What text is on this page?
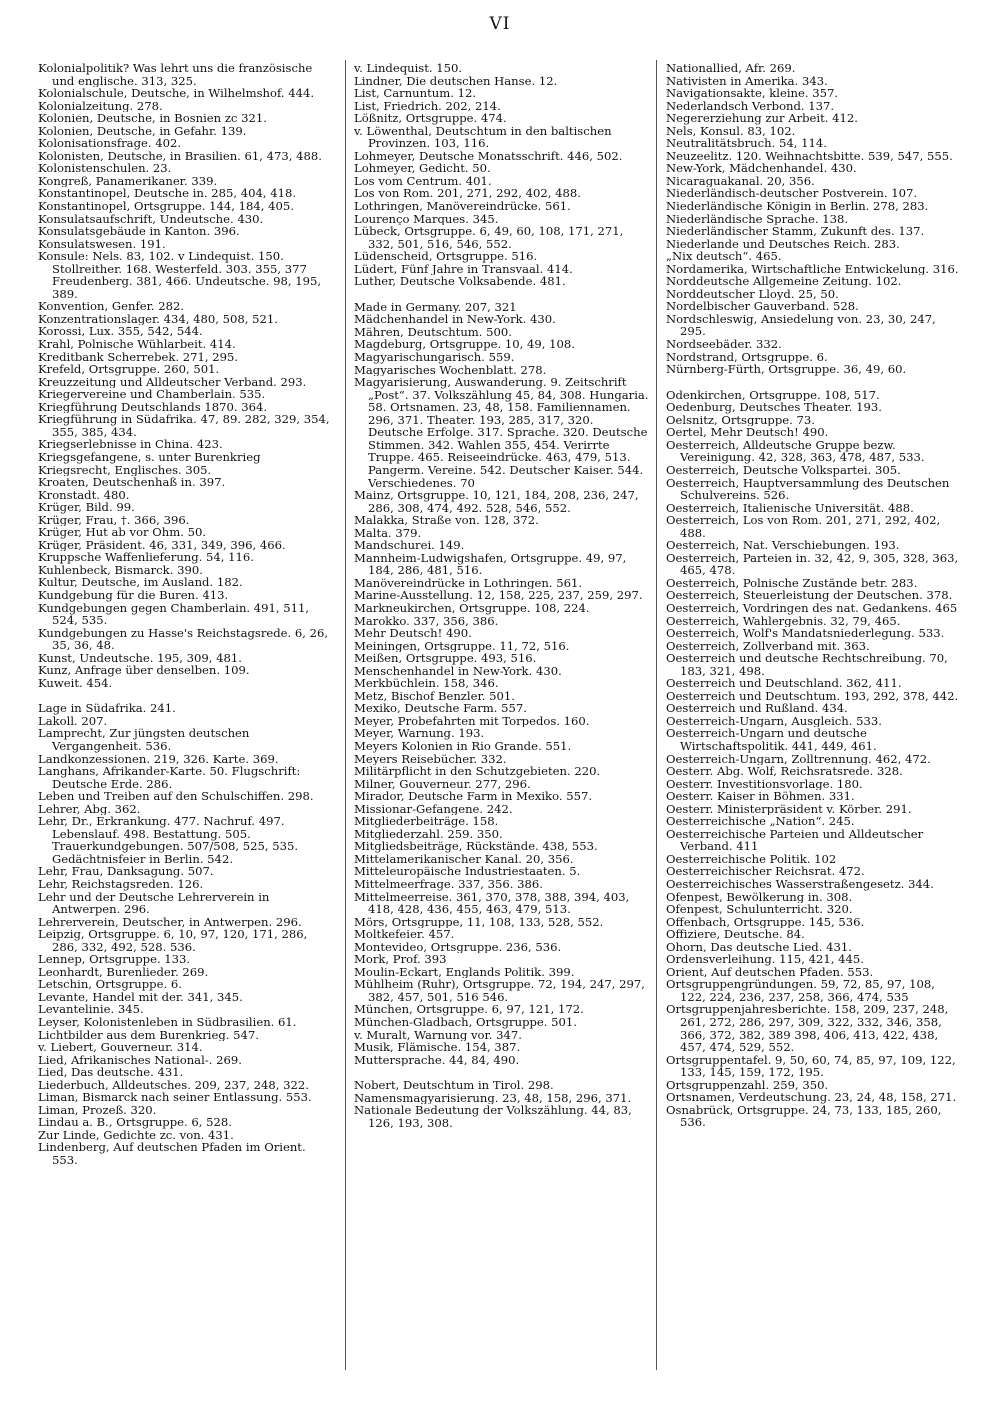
VI
Kolonialpolitik? Was lehrt uns die französische und englische. 313, 325.
Kolonialschule, Deutsche, in Wilhelmshof. 444.
Kolonialzeitung. 278.
Kolonien, Deutsche, in Bosnien zc 321.
Kolonien, Deutsche, in Gefahr. 139.
Kolonisationsfrage. 402.
Kolonisten, Deutsche, in Brasilien. 61, 473, 488.
Kolonistenschulen. 23.
Kongreß, Panamerikaner. 339.
Konstantinopel, Deutsche in. 285, 404, 418.
Konstantinopel, Ortsgruppe. 144, 184, 405.
Konsulatsaufschrift, Undeutsche. 430.
Konsulatsgebäude in Kanton. 396.
Konsulatswesen. 191.
Konsule: Nels. 83, 102. v Lindequist. 150. Stollreither. 168. Westerfeld. 303. 355, 377 Freudenberg. 381, 466. Undeutsche. 98, 195, 389.
Konvention, Genfer. 282.
Konzentrationslager. 434, 480, 508, 521.
Korossi, Lux. 355, 542, 544.
Krahl, Polnische Wühlarbeit. 414.
Kreditbank Scherrebek. 271, 295.
Krefeld, Ortsgruppe. 260, 501.
Kreuzzeitung und Alldeutscher Verband. 293.
Kriegervereine und Chamberlain. 535.
Kriegführung Deutschlands 1870. 364.
Kriegführung in Südafrika. 47, 89. 282, 329, 354, 355, 385, 434.
Kriegserlebnisse in China. 423.
Kriegsgefangene, s. unter Burenkrieg
Kriegsrecht, Englisches. 305.
Kroaten, Deutschenhaß in. 397.
Kronstadt. 480.
Krüger, Bild. 99.
Krüger, Frau, †. 366, 396.
Krüger, Hut ab vor Ohm. 50.
Krüger, Präsident. 46, 331, 349, 396, 466.
Kruppsche Waffenlieferung. 54, 116.
Kuhlenbeck, Bismarck. 390.
Kultur, Deutsche, im Ausland. 182.
Kundgebung für die Buren. 413.
Kundgebungen gegen Chamberlain. 491, 511, 524, 535.
Kundgebungen zu Hasse's Reichstagsrede. 6, 26, 35, 36, 48.
Kunst, Undeutsche. 195, 309, 481.
Kunz, Anfrage über denselben. 109.
Kuweit. 454.
Lage in Südafrika. 241.
Lakoll. 207.
Lamprecht, Zur jüngsten deutschen Vergangenheit. 536.
Landkonzessionen. 219, 326. Karte. 369.
Langhans, Afrikander-Karte. 50. Flugschrift: Deutsche Erde. 286.
Leben und Treiben auf den Schulschiffen. 298.
Lehrer, Abg. 362.
Lehr, Dr., Erkrankung. 477. Nachruf. 497. Lebenslauf. 498. Bestattung. 505. Trauerkundgebungen. 507/508, 525, 535. Gedächtnisfeier in Berlin. 542.
Lehr, Frau, Danksagung. 507.
Lehr, Reichstagsreden. 126.
Lehr und der Deutsche Lehrerverein in Antwerpen. 296.
Lehrerverein, Deutscher, in Antwerpen. 296.
Leipzig, Ortsgruppe. 6, 10, 97, 120, 171, 286, 286, 332, 492, 528. 536.
Lennep, Ortsgruppe. 133.
Leonhardt, Burenlieder. 269.
Letschin, Ortsgruppe. 6.
Levante, Handel mit der. 341, 345.
Levantelinie. 345.
Leyser, Kolonistenleben in Südbrasilien. 61.
Lichtbilder aus dem Burenkrieg. 547.
v. Liebert, Gouverneur. 314.
Lied, Afrikanisches National-. 269.
Lied, Das deutsche. 431.
Liederbuch, Alldeutsches. 209, 237, 248, 322.
Liman, Bismarck nach seiner Entlassung. 553.
Liman, Prozeß. 320.
Lindau a. B., Ortsgruppe. 6, 528.
Zur Linde, Gedichte zc. von. 431.
Lindenberg, Auf deutschen Pfaden im Orient. 553.
v. Lindequist. 150.
Lindner, Die deutschen Hanse. 12.
List, Carnuntum. 12.
List, Friedrich. 202, 214.
Lößnitz, Ortsgruppe. 474.
v. Löwenthal, Deutschtum in den baltischen Provinzen. 103, 116.
Lohmeyer, Deutsche Monatsschrift. 446, 502.
Lohmeyer, Gedicht. 50.
Los vom Centrum. 401.
Los von Rom. 201, 271, 292, 402, 488.
Lothringen, Manövereindrücke. 561.
Lourenço Marques. 345.
Lübeck, Ortsgruppe. 6, 49, 60, 108, 171, 271, 332, 501, 516, 546, 552.
Lüdenscheid, Ortsgruppe. 516.
Lüdert, Fünf Jahre in Transvaal. 414.
Luther, Deutsche Volksabende. 481.
Made in Germany. 207, 321
Mädchenhandel in New-York. 430.
Mähren, Deutschtum. 500.
Magdeburg, Ortsgruppe. 10, 49, 108.
Magyarischungarisch. 559.
Magyarisches Wochenblatt. 278.
Magyarisierung, Auswanderung. 9. Zeitschrift „Post“. 37. Volkszählung 45, 84, 308. Hungaria. 58. Ortsnamen. 23, 48, 158. Familiennamen. 296, 371. Theater. 193, 285, 317, 320. Deutsche Erfolge. 317. Sprache. 320. Deutsche Stimmen. 342. Wahlen 355, 454. Verirrte Truppe. 465. Reiseeindrücke. 463, 479, 513. Pangerm. Vereine. 542. Deutscher Kaiser. 544. Verschiedenes. 70
Mainz, Ortsgruppe. 10, 121, 184, 208, 236, 247, 286, 308, 474, 492. 528, 546, 552.
Malakka, Straße von. 128, 372.
Malta. 379.
Mandschurei. 149.
Mannheim-Ludwigshafen, Ortsgruppe. 49, 97, 184, 286, 481, 516.
Manövereindrücke in Lothringen. 561.
Marine-Ausstellung. 12, 158, 225, 237, 259, 297.
Markneukirchen, Ortsgruppe. 108, 224.
Marokko. 337, 356, 386.
Mehr Deutsch! 490.
Meiningen, Ortsgruppe. 11, 72, 516.
Meißen, Ortsgruppe. 493, 516.
Menschenhandel in New-York. 430.
Merkbüchlein. 158, 346.
Metz, Bischof Benzler. 501.
Mexiko, Deutsche Farm. 557.
Meyer, Probefahrten mit Torpedos. 160.
Meyer, Warnung. 193.
Meyers Kolonien in Rio Grande. 551.
Meyers Reisebücher. 332.
Militärpflicht in den Schutzgebieten. 220.
Milner, Gouverneur. 277, 296.
Mirador, Deutsche Farm in Mexiko. 557.
Missionar-Gefangene. 242.
Mitgliederbeiträge. 158.
Mitgliederzahl. 259. 350.
Mitgliedsbeiträge, Rückstände. 438, 553.
Mittelamerikanischer Kanal. 20, 356.
Mitteleuropäische Industriestaaten. 5.
Mittelmeerfrage. 337, 356. 386.
Mittelmeerreise. 361, 370, 378, 388, 394, 403, 418, 428, 436, 455, 463, 479, 513.
Mörs, Ortsgruppe, 11, 108, 133, 528, 552.
Moltkefeier. 457.
Montevideo, Ortsgruppe. 236, 536.
Mork, Prof. 393
Moulin-Eckart, Englands Politik. 399.
Mühlheim (Ruhr), Ortsgruppe. 72, 194, 247, 297, 382, 457, 501, 516 546.
München, Ortsgruppe. 6, 97, 121, 172.
München-Gladbach, Ortsgruppe. 501.
v. Muralt, Warnung vor. 347.
Musik, Flämische. 154, 387.
Muttersprache. 44, 84, 490.
Nobert, Deutschtum in Tirol. 298.
Namensmagyarisierung. 23, 48, 158, 296, 371.
Nationale Bedeutung der Volkszählung. 44, 83, 126, 193, 308.
Nationallied, Afr. 269.
Nativisten in Amerika. 343.
Navigationsakte, kleine. 357.
Nederlandsch Verbond. 137.
Negererziehung zur Arbeit. 412.
Nels, Konsul. 83, 102.
Neutralitätsbruch. 54, 114.
Neuzeelitz. 120. Weihnachtsbitte. 539, 547, 555.
New-York, Mädchenhandel. 430.
Nicaraguakanal. 20, 356.
Niederländisch-deutscher Postverein. 107.
Niederländische Königin in Berlin. 278, 283.
Niederländische Sprache. 138.
Niederländischer Stamm, Zukunft des. 137.
Niederlande und Deutsches Reich. 283.
„Nix deutsch“. 465.
Nordamerika, Wirtschaftliche Entwickelung. 316.
Norddeutsche Allgemeine Zeitung. 102.
Norddeutscher Lloyd. 25, 50.
Nordelbischer Gauverband. 528.
Nordschleswig, Ansiedelung von. 23, 30, 247, 295.
Nordseebäder. 332.
Nordstrand, Ortsgruppe. 6.
Nürnberg-Fürth, Ortsgruppe. 36, 49, 60.
Odenkirchen, Ortsgruppe. 108, 517.
Oedenburg, Deutsches Theater. 193.
Oelsnitz, Ortsgruppe. 73.
Oertel, Mehr Deutsch! 490.
Oesterreich, Alldeutsche Gruppe bezw. Vereinigung. 42, 328, 363, 478, 487, 533.
Oesterreich, Deutsche Volkspartei. 305.
Oesterreich, Hauptversammlung des Deutschen Schulvereins. 526.
Oesterreich, Italienische Universität. 488.
Oesterreich, Los von Rom. 201, 271, 292, 402, 488.
Oesterreich, Nat. Verschiebungen. 193.
Oesterreich, Parteien in. 32, 42, 9, 305, 328, 363, 465, 478.
Oesterreich, Polnische Zustände betr. 283.
Oesterreich, Steuerleistung der Deutschen. 378.
Oesterreich, Vordringen des nat. Gedankens. 465
Oesterreich, Wahlergebnis. 32, 79, 465.
Oesterreich, Wolf's Mandatsniederlegung. 533.
Oesterreich, Zollverband mit. 363.
Oesterreich und deutsche Rechtschreibung. 70, 183, 321, 498.
Oesterreich und Deutschland. 362, 411.
Oesterreich und Deutschtum. 193, 292, 378, 442.
Oesterreich und Rußland. 434.
Oesterreich-Ungarn, Ausgleich. 533.
Oesterreich-Ungarn und deutsche Wirtschaftspolitik. 441, 449, 461.
Oesterreich-Ungarn, Zolltrennung. 462, 472.
Oesterr. Abg. Wolf, Reichsratsrede. 328.
Oesterr. Investitionsvorlage. 180.
Oesterr. Kaiser in Böhmen. 331.
Oesterr. Ministerpräsident v. Körber. 291.
Oesterreichische „Nation“. 245.
Oesterreichische Parteien und Alldeutscher Verband. 411
Oesterreichische Politik. 102
Oesterreichischer Reichsrat. 472.
Oesterreichisches Wasserstraßengesetz. 344.
Ofenpest, Bewölkerung in. 308.
Ofenpest, Schulunterricht. 320.
Offenbach, Ortsgruppe. 145, 536.
Offiziere, Deutsche. 84.
Ohorn, Das deutsche Lied. 431.
Ordensverleihung. 115, 421, 445.
Orient, Auf deutschen Pfaden. 553.
Ortsgruppengründungen. 59, 72, 85, 97, 108, 122, 224, 236, 237, 258, 366, 474, 535
Ortsgruppenjahresberichte. 158, 209, 237, 248, 261, 272, 286, 297, 309, 322, 332, 346, 358, 366, 372, 382, 389 398, 406, 413, 422, 438, 457, 474, 529, 552.
Ortsgruppentafel. 9, 50, 60, 74, 85, 97, 109, 122, 133, 145, 159, 172, 195.
Ortsgruppenzahl. 259, 350.
Ortsnamen, Verdeutschung. 23, 24, 48, 158, 271.
Osnabrück, Ortsgruppe. 24, 73, 133, 185, 260, 536.
